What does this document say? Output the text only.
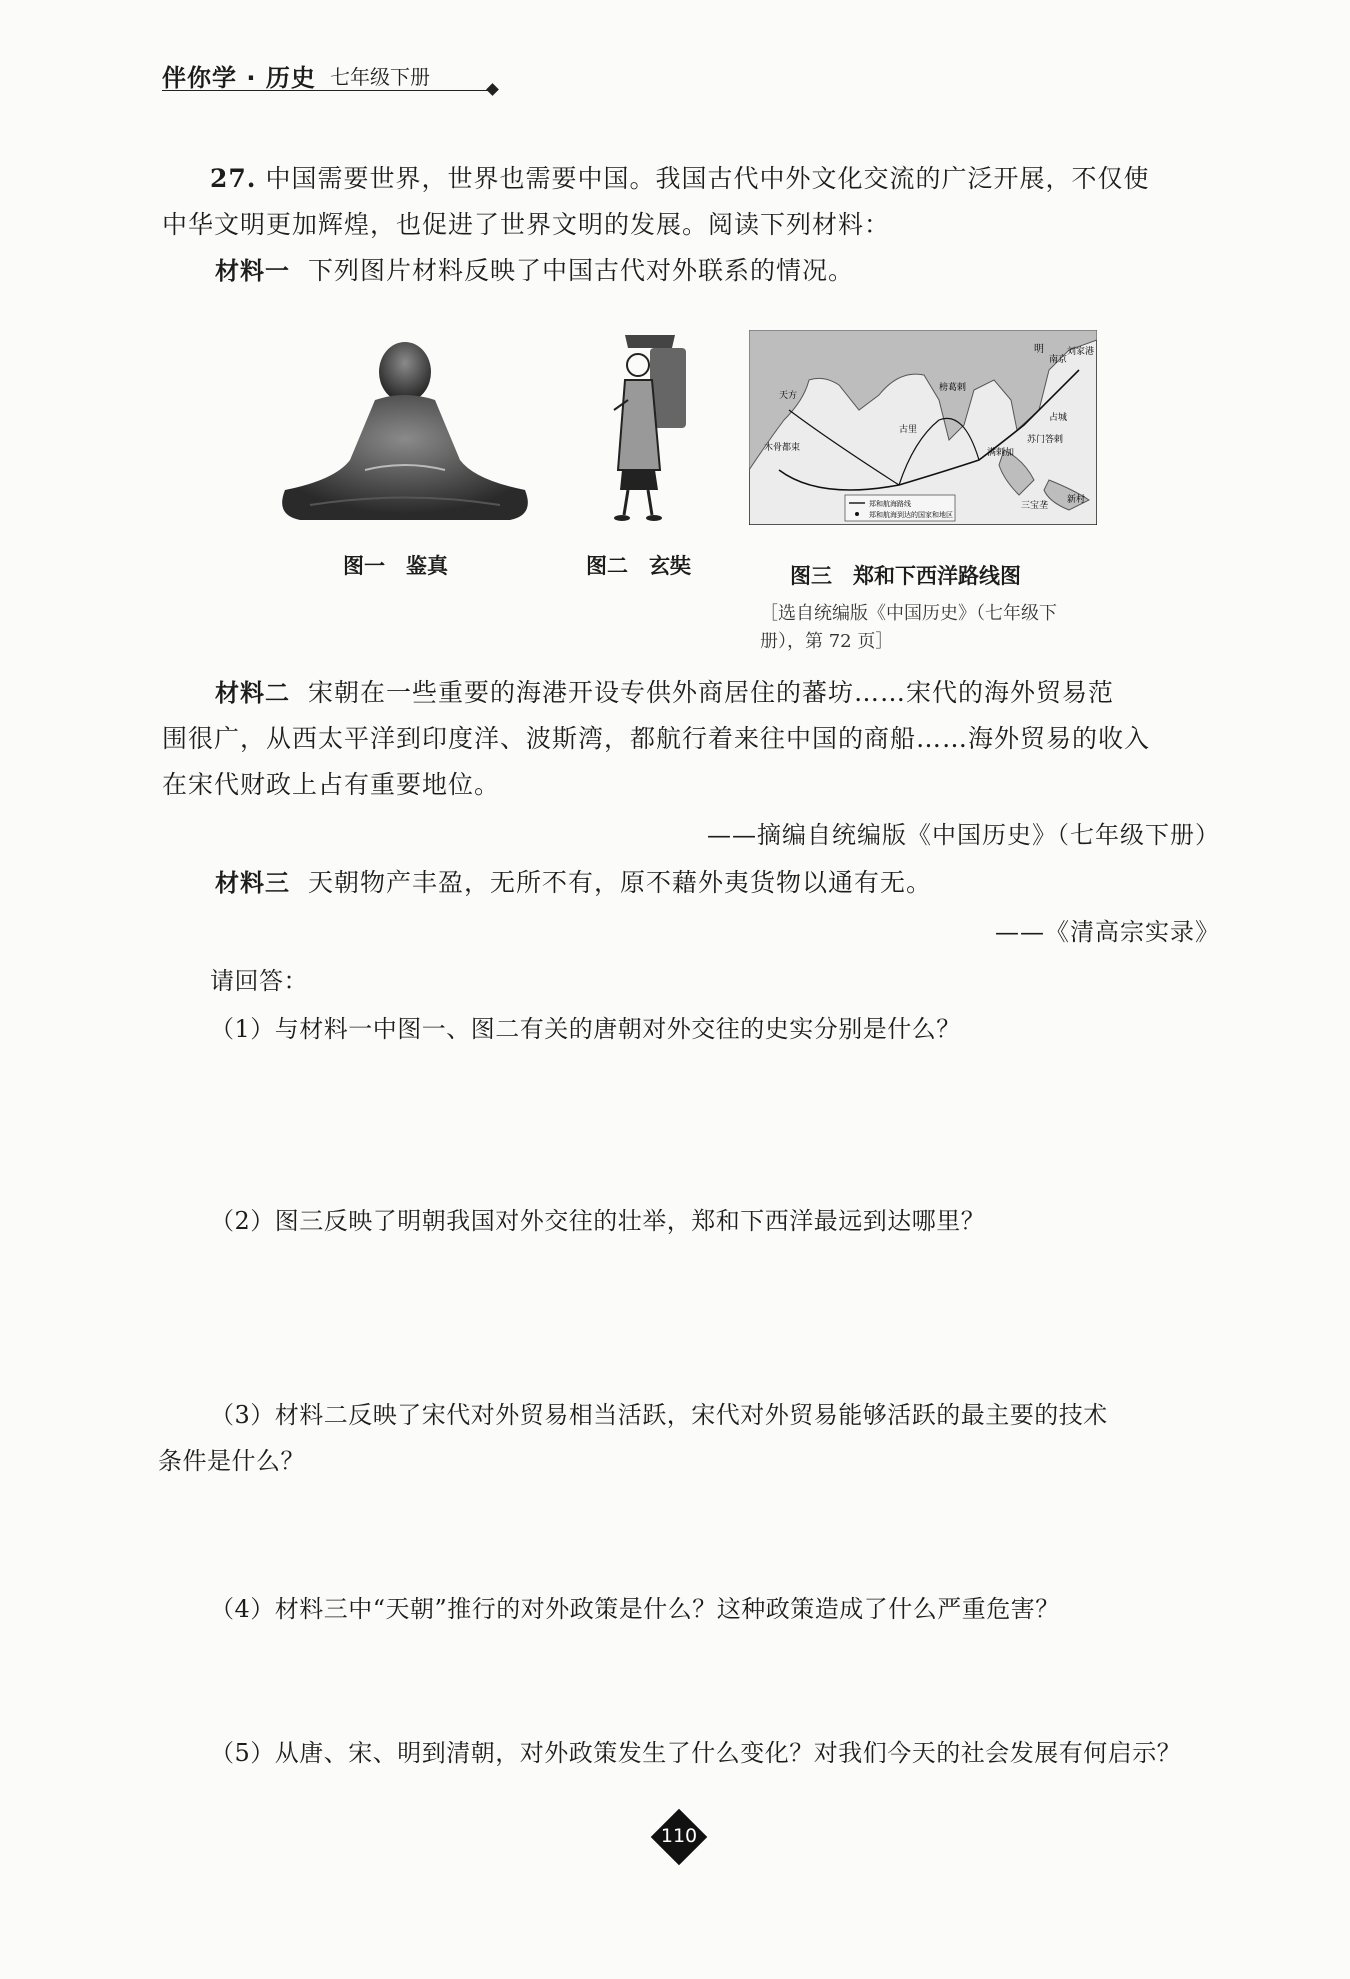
伴你学 · 历史 七年级下册
27. 中国需要世界，世界也需要中国。我国古代中外文化交流的广泛开展，不仅使
中华文明更加辉煌，也促进了世界文明的发展。阅读下列材料：
材料一 下列图片材料反映了中国古代对外联系的情况。
图一　鉴真	图二　玄奘
明
南京
刘家港
天方
榜葛剌
古里
木骨都束	满剌加
占城
苏门答剌
三宝垄
新村
郑和航海路线
郑和航海到达的国家和地区
图三　郑和下西洋路线图
［选自统编版《中国历史》（七年级下
册），第 72 页］
材料二 宋朝在一些重要的海港开设专供外商居住的蕃坊……宋代的海外贸易范
围很广，从西太平洋到印度洋、波斯湾，都航行着来往中国的商船……海外贸易的收入
在宋代财政上占有重要地位。
——摘编自统编版《中国历史》（七年级下册）
材料三 天朝物产丰盈，无所不有，原不藉外夷货物以通有无。
——《清高宗实录》
请回答：
（1）与材料一中图一、图二有关的唐朝对外交往的史实分别是什么？
（2）图三反映了明朝我国对外交往的壮举，郑和下西洋最远到达哪里？
（3）材料二反映了宋代对外贸易相当活跃，宋代对外贸易能够活跃的最主要的技术
条件是什么？
（4）材料三中“天朝”推行的对外政策是什么？这种政策造成了什么严重危害？
（5）从唐、宋、明到清朝，对外政策发生了什么变化？对我们今天的社会发展有何启示？
110
